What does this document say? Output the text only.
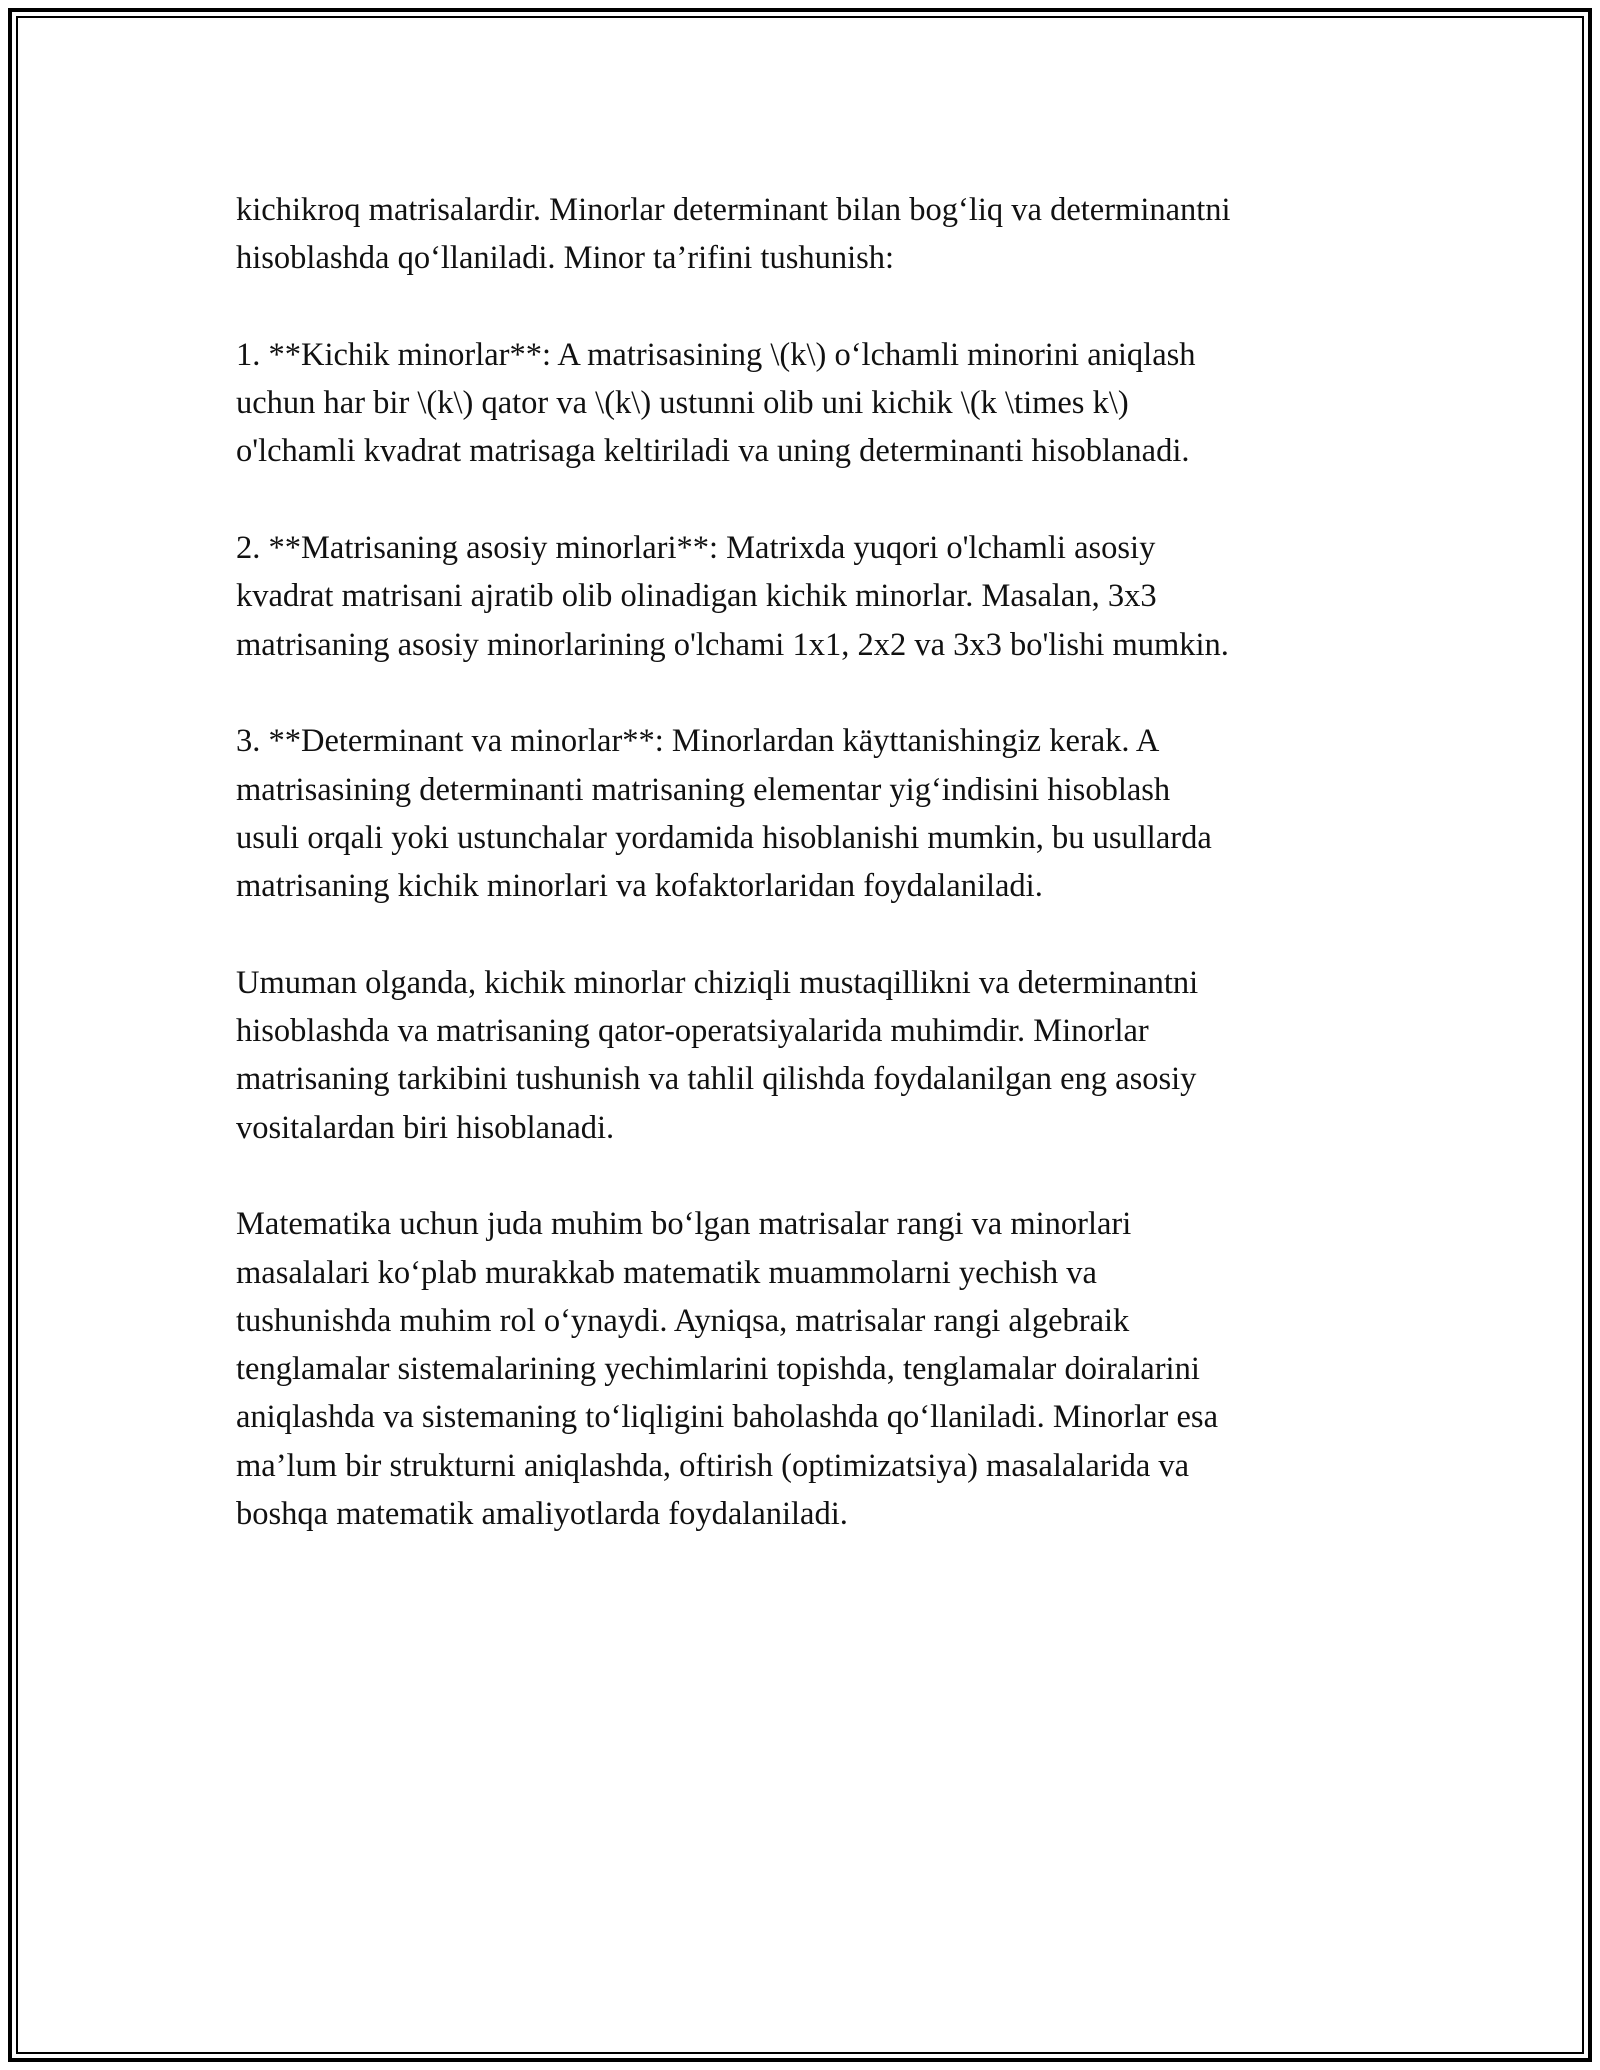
kichikroq matrisalardir. Minorlar determinant bilan bog‘liq va determinantni
hisoblashda qo‘llaniladi. Minor ta’rifini tushunish:

1. **Kichik minorlar**: A matrisasining \(k\) o‘lchamli minorini aniqlash
uchun har bir \(k\) qator va \(k\) ustunni olib uni kichik \(k \times k\)
o'lchamli kvadrat matrisaga keltiriladi va uning determinanti hisoblanadi.

2. **Matrisaning asosiy minorlari**: Matrixda yuqori o'lchamli asosiy
kvadrat matrisani ajratib olib olinadigan kichik minorlar. Masalan, 3x3
matrisaning asosiy minorlarining o'lchami 1x1, 2x2 va 3x3 bo'lishi mumkin.

3. **Determinant va minorlar**: Minorlardan käyttanishingiz kerak. A
matrisasining determinanti matrisaning elementar yig‘indisini hisoblash
usuli orqali yoki ustunchalar yordamida hisoblanishi mumkin, bu usullarda
matrisaning kichik minorlari va kofaktorlaridan foydalaniladi.

Umuman olganda, kichik minorlar chiziqli mustaqillikni va determinantni
hisoblashda va matrisaning qator-operatsiyalarida muhimdir. Minorlar
matrisaning tarkibini tushunish va tahlil qilishda foydalanilgan eng asosiy
vositalardan biri hisoblanadi.

Matematika uchun juda muhim bo‘lgan matrisalar rangi va minorlari
masalalari ko‘plab murakkab matematik muammolarni yechish va
tushunishda muhim rol o‘ynaydi. Ayniqsa, matrisalar rangi algebraik
tenglamalar sistemalarining yechimlarini topishda, tenglamalar doiralarini
aniqlashda va sistemaning to‘liqligini baholashda qo‘llaniladi. Minorlar esa
ma’lum bir strukturni aniqlashda, oftirish (optimizatsiya) masalalarida va
boshqa matematik amaliyotlarda foydalaniladi.
